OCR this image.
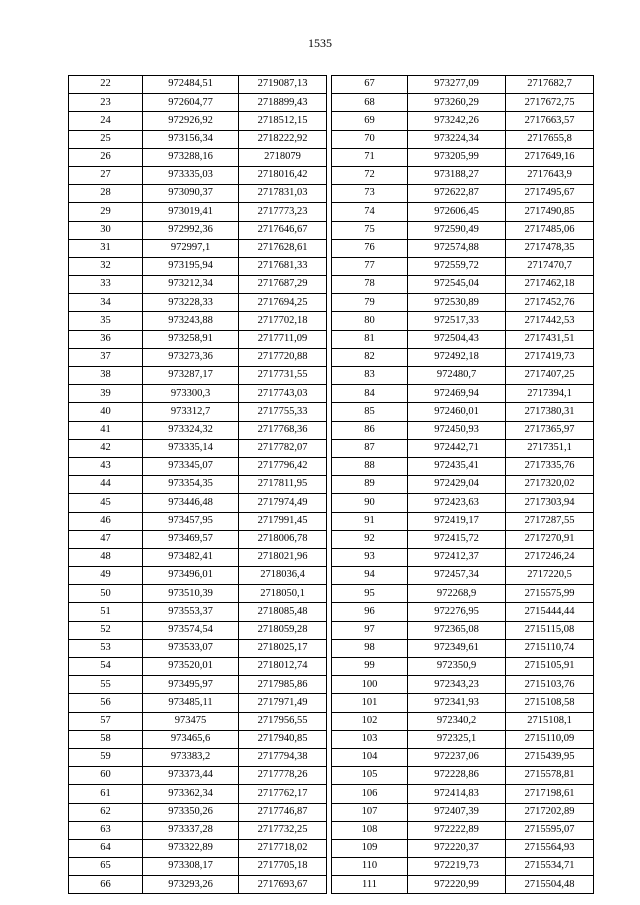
1535
22	972484,51	2719087,13
23	972604,77	2718899,43
24	972926,92	2718512,15
25	973156,34	2718222,92
26	973288,16	2718079
27	973335,03	2718016,42
28	973090,37	2717831,03
29	973019,41	2717773,23
30	972992,36	2717646,67
31	972997,1	2717628,61
32	973195,94	2717681,33
33	973212,34	2717687,29
34	973228,33	2717694,25
35	973243,88	2717702,18
36	973258,91	2717711,09
37	973273,36	2717720,88
38	973287,17	2717731,55
39	973300,3	2717743,03
40	973312,7	2717755,33
41	973324,32	2717768,36
42	973335,14	2717782,07
43	973345,07	2717796,42
44	973354,35	2717811,95
45	973446,48	2717974,49
46	973457,95	2717991,45
47	973469,57	2718006,78
48	973482,41	2718021,96
49	973496,01	2718036,4
50	973510,39	2718050,1
51	973553,37	2718085,48
52	973574,54	2718059,28
53	973533,07	2718025,17
54	973520,01	2718012,74
55	973495,97	2717985,86
56	973485,11	2717971,49
57	973475	2717956,55
58	973465,6	2717940,85
59	973383,2	2717794,38
60	973373,44	2717778,26
61	973362,34	2717762,17
62	973350,26	2717746,87
63	973337,28	2717732,25
64	973322,89	2717718,02
65	973308,17	2717705,18
66	973293,26	2717693,67
67	973277,09	2717682,7
68	973260,29	2717672,75
69	973242,26	2717663,57
70	973224,34	2717655,8
71	973205,99	2717649,16
72	973188,27	2717643,9
73	972622,87	2717495,67
74	972606,45	2717490,85
75	972590,49	2717485,06
76	972574,88	2717478,35
77	972559,72	2717470,7
78	972545,04	2717462,18
79	972530,89	2717452,76
80	972517,33	2717442,53
81	972504,43	2717431,51
82	972492,18	2717419,73
83	972480,7	2717407,25
84	972469,94	2717394,1
85	972460,01	2717380,31
86	972450,93	2717365,97
87	972442,71	2717351,1
88	972435,41	2717335,76
89	972429,04	2717320,02
90	972423,63	2717303,94
91	972419,17	2717287,55
92	972415,72	2717270,91
93	972412,37	2717246,24
94	972457,34	2717220,5
95	972268,9	2715575,99
96	972276,95	2715444,44
97	972365,08	2715115,08
98	972349,61	2715110,74
99	972350,9	2715105,91
100	972343,23	2715103,76
101	972341,93	2715108,58
102	972340,2	2715108,1
103	972325,1	2715110,09
104	972237,06	2715439,95
105	972228,86	2715578,81
106	972414,83	2717198,61
107	972407,39	2717202,89
108	972222,89	2715595,07
109	972220,37	2715564,93
110	972219,73	2715534,71
111	972220,99	2715504,48
